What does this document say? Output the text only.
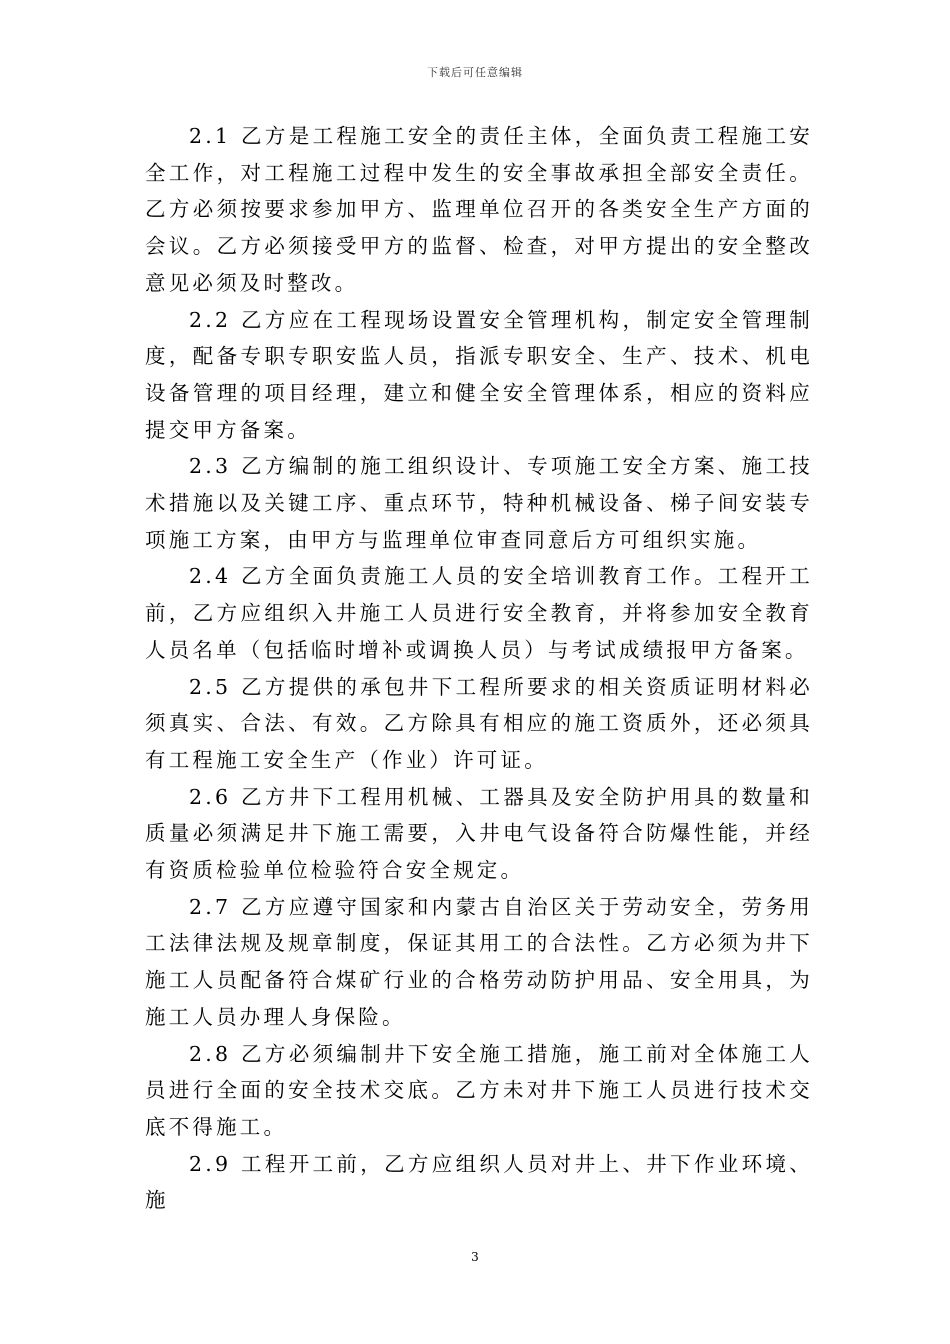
下载后可任意编辑

2.1 乙方是工程施工安全的责任主体，全面负责工程施工安全工作，对工程施工过程中发生的安全事故承担全部安全责任。乙方必须按要求参加甲方、监理单位召开的各类安全生产方面的会议。乙方必须接受甲方的监督、检查，对甲方提出的安全整改意见必须及时整改。

2.2 乙方应在工程现场设置安全管理机构，制定安全管理制度，配备专职专职安监人员，指派专职安全、生产、技术、机电设备管理的项目经理，建立和健全安全管理体系，相应的资料应提交甲方备案。

2.3 乙方编制的施工组织设计、专项施工安全方案、施工技术措施以及关键工序、重点环节，特种机械设备、梯子间安装专项施工方案，由甲方与监理单位审查同意后方可组织实施。

2.4 乙方全面负责施工人员的安全培训教育工作。工程开工前，乙方应组织入井施工人员进行安全教育，并将参加安全教育人员名单（包括临时增补或调换人员）与考试成绩报甲方备案。

2.5 乙方提供的承包井下工程所要求的相关资质证明材料必须真实、合法、有效。乙方除具有相应的施工资质外，还必须具有工程施工安全生产（作业）许可证。

2.6 乙方井下工程用机械、工器具及安全防护用具的数量和质量必须满足井下施工需要，入井电气设备符合防爆性能，并经有资质检验单位检验符合安全规定。

2.7 乙方应遵守国家和内蒙古自治区关于劳动安全，劳务用工法律法规及规章制度，保证其用工的合法性。乙方必须为井下施工人员配备符合煤矿行业的合格劳动防护用品、安全用具，为施工人员办理人身保险。

2.8 乙方必须编制井下安全施工措施，施工前对全体施工人员进行全面的安全技术交底。乙方未对井下施工人员进行技术交底不得施工。

2.9 工程开工前，乙方应组织人员对井上、井下作业环境、施

3
